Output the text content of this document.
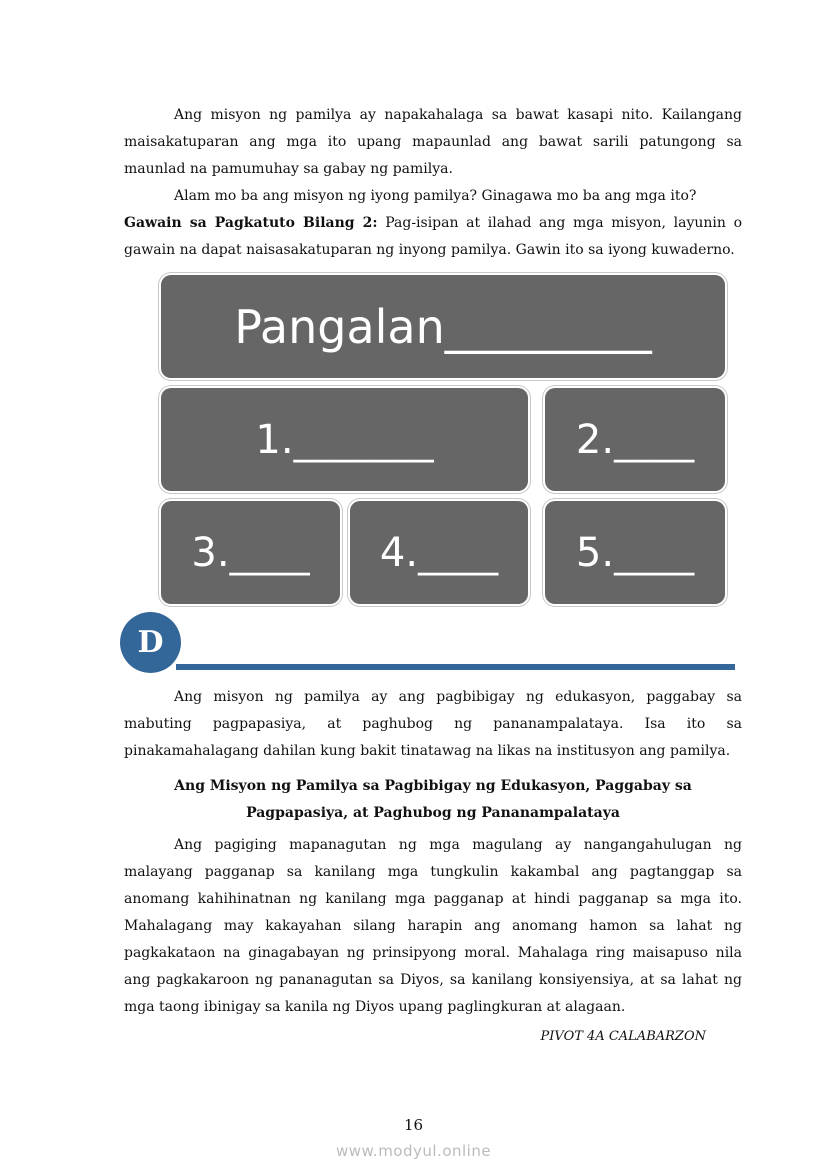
Ang misyon ng pamilya ay napakahalaga sa bawat kasapi nito. Kailangang maisakatuparan ang mga ito upang mapaunlad ang bawat sarili patungong sa maunlad na pamumuhay sa gabay ng pamilya.

Alam mo ba ang misyon ng iyong pamilya? Ginagawa mo ba ang mga ito?

Gawain sa Pagkatuto Bilang 2: Pag-isipan at ilahad ang mga misyon, layunin o gawain na dapat naisasakatuparan ng inyong pamilya. Gawin ito sa iyong kuwaderno.

Pangalan_________
1._______	2.____
3.____ 4.____ 5.____
D

Ang misyon ng pamilya ay ang pagbibigay ng edukasyon, paggabay sa mabuting pagpapasiya, at paghubog ng pananampalataya. Isa ito sa pinakamahalagang dahilan kung bakit tinatawag na likas na institusyon ang pamilya.

Ang Misyon ng Pamilya sa Pagbibigay ng Edukasyon, Paggabay sa
Pagpapasiya, at Paghubog ng Pananampalataya

Ang pagiging mapanagutan ng mga magulang ay nangangahulugan ng malayang pagganap sa kanilang mga tungkulin kakambal ang pagtanggap sa anomang kahihinatnan ng kanilang mga pagganap at hindi pagganap sa mga ito. Mahalagang may kakayahan silang harapin ang anomang hamon sa lahat ng pagkakataon na ginagabayan ng prinsipyong moral. Mahalaga ring maisapuso nila ang pagkakaroon ng pananagutan sa Diyos, sa kanilang konsiyensiya, at sa lahat ng mga taong ibinigay sa kanila ng Diyos upang paglingkuran at alagaan.

PIVOT 4A CALABARZON
16
www.modyul.online
